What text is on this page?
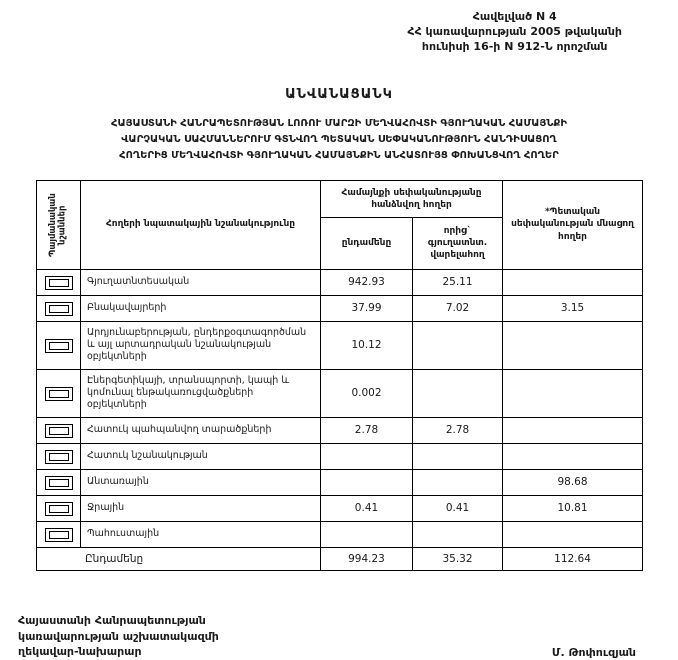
Հավելված N 4
ՀՀ կառավարության 2005 թվականի
հունիսի 16-ի N 912-Ն որոշման
ԱՆՎԱՆԱՑԱՆԿ
ՀԱՅԱՍՏԱՆԻ ՀԱՆՐԱՊԵՏՈՒԹՅԱՆ ԼՈՌՈՒ ՄԱՐԶԻ ՄԵՂՎԱՀՈՎՏԻ ԳՅՈՒՂԱԿԱՆ ՀԱՄԱՅՆՔԻ
ՎԱՐՉԱԿԱՆ ՍԱՀՄԱՆՆԵՐՈՒՄ ԳՏՆՎՈՂ ՊԵՏԱԿԱՆ ՍԵՓԱԿԱՆՈՒԹՅՈՒՆ ՀԱՆԴԻՍԱՑՈՂ
ՀՈՂԵՐԻՑ ՄԵՂՎԱՀՈՎՏԻ ԳՅՈՒՂԱԿԱՆ ՀԱՄԱՅՆՔԻՆ ԱՆՀԱՏՈՒՅՑ ՓՈԽԱՆՑՎՈՂ ՀՈՂԵՐ
Պայմանական նշաններ	Հողերի նպատակային նշանակությունը	Համայնքի սեփականությանը հանձնվող հողեր		*Պետական սեփականության մնացող հողեր
		ընդամենը	որից` գյուղատնտ. վարելահող	

	Գյուղատնտեսական	942.93	25.11	

	Բնակավայրերի	37.99	7.02	3.15

	Արդյունաբերության, ընդերքօգտագործման և այլ արտադրական նշանակության օբյեկտների	10.12		

	Էներգետիկայի, տրանսպորտի, կապի և կոմունալ ենթակառուցվածքների օբյեկտների	0.002		

	Հատուկ պահպանվող տարածքների	2.78	2.78	

	Հատուկ նշանակության			

	Անտառային			98.68

	Ջրային	0.41	0.41	10.81

	Պահուստային			
Ընդամենը		994.23	35.32	112.64
Հայաստանի Հանրապետության
կառավարության աշխատակազմի
ղեկավար-նախարար	Մ. Թոփուզյան
